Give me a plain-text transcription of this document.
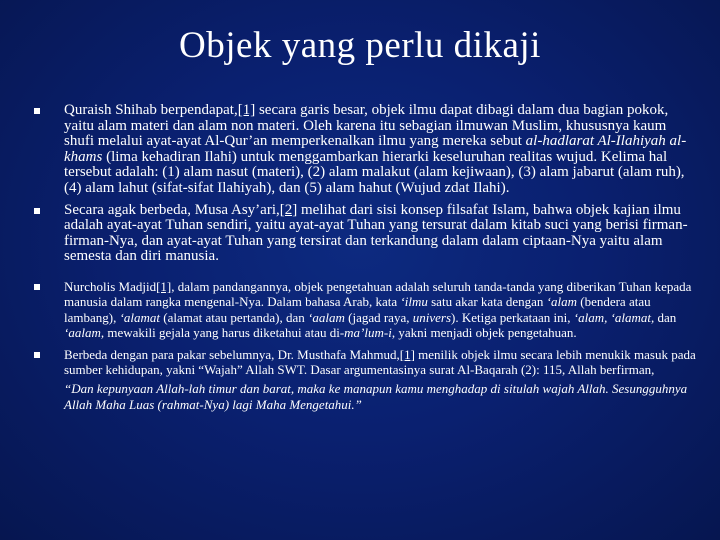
Objek yang perlu dikaji
Quraish Shihab berpendapat,[1] secara garis besar, objek ilmu dapat dibagi dalam dua bagian pokok, yaitu alam materi dan alam non materi. Oleh karena itu sebagian ilmuwan Muslim, khususnya kaum shufi melalui ayat-ayat Al-Qur’an memperkenalkan ilmu yang mereka sebut al-hadlarat Al-Ilahiyah al-khams (lima kehadiran Ilahi) untuk menggambarkan hierarki keseluruhan realitas wujud. Kelima hal tersebut adalah: (1) alam nasut (materi), (2) alam malakut (alam kejiwaan), (3) alam jabarut (alam ruh), (4) alam lahut (sifat-sifat Ilahiyah), dan (5) alam hahut (Wujud zdat Ilahi).
Secara agak berbeda, Musa Asy’ari,[2] melihat dari sisi konsep filsafat Islam, bahwa objek kajian ilmu adalah ayat-ayat Tuhan sendiri, yaitu ayat-ayat Tuhan yang tersurat dalam kitab suci yang berisi firman-firman-Nya, dan ayat-ayat Tuhan yang tersirat dan terkandung dalam dalam ciptaan-Nya yaitu alam semesta dan diri manusia.
Nurcholis Madjid[1], dalam pandangannya, objek pengetahuan adalah seluruh tanda-tanda yang diberikan Tuhan kepada manusia dalam rangka mengenal-Nya. Dalam bahasa Arab, kata ‘ilmu satu akar kata dengan ‘alam (bendera atau lambang), ‘alamat (alamat atau pertanda), dan ‘aalam (jagad raya, univers). Ketiga perkataan ini, ‘alam, ‘alamat, dan ‘aalam, mewakili gejala yang harus diketahui atau di-ma’lum-i, yakni menjadi objek pengetahuan.
Berbeda dengan para pakar sebelumnya, Dr. Musthafa Mahmud,[1] menilik objek ilmu secara lebih menukik masuk pada sumber kehidupan, yakni “Wajah” Allah SWT. Dasar argumentasinya surat Al-Baqarah (2): 115, Allah berfirman,
“Dan kepunyaan Allah-lah timur dan barat, maka ke manapun kamu menghadap di situlah wajah Allah. Sesungguhnya Allah Maha Luas (rahmat-Nya) lagi Maha Mengetahui.”
